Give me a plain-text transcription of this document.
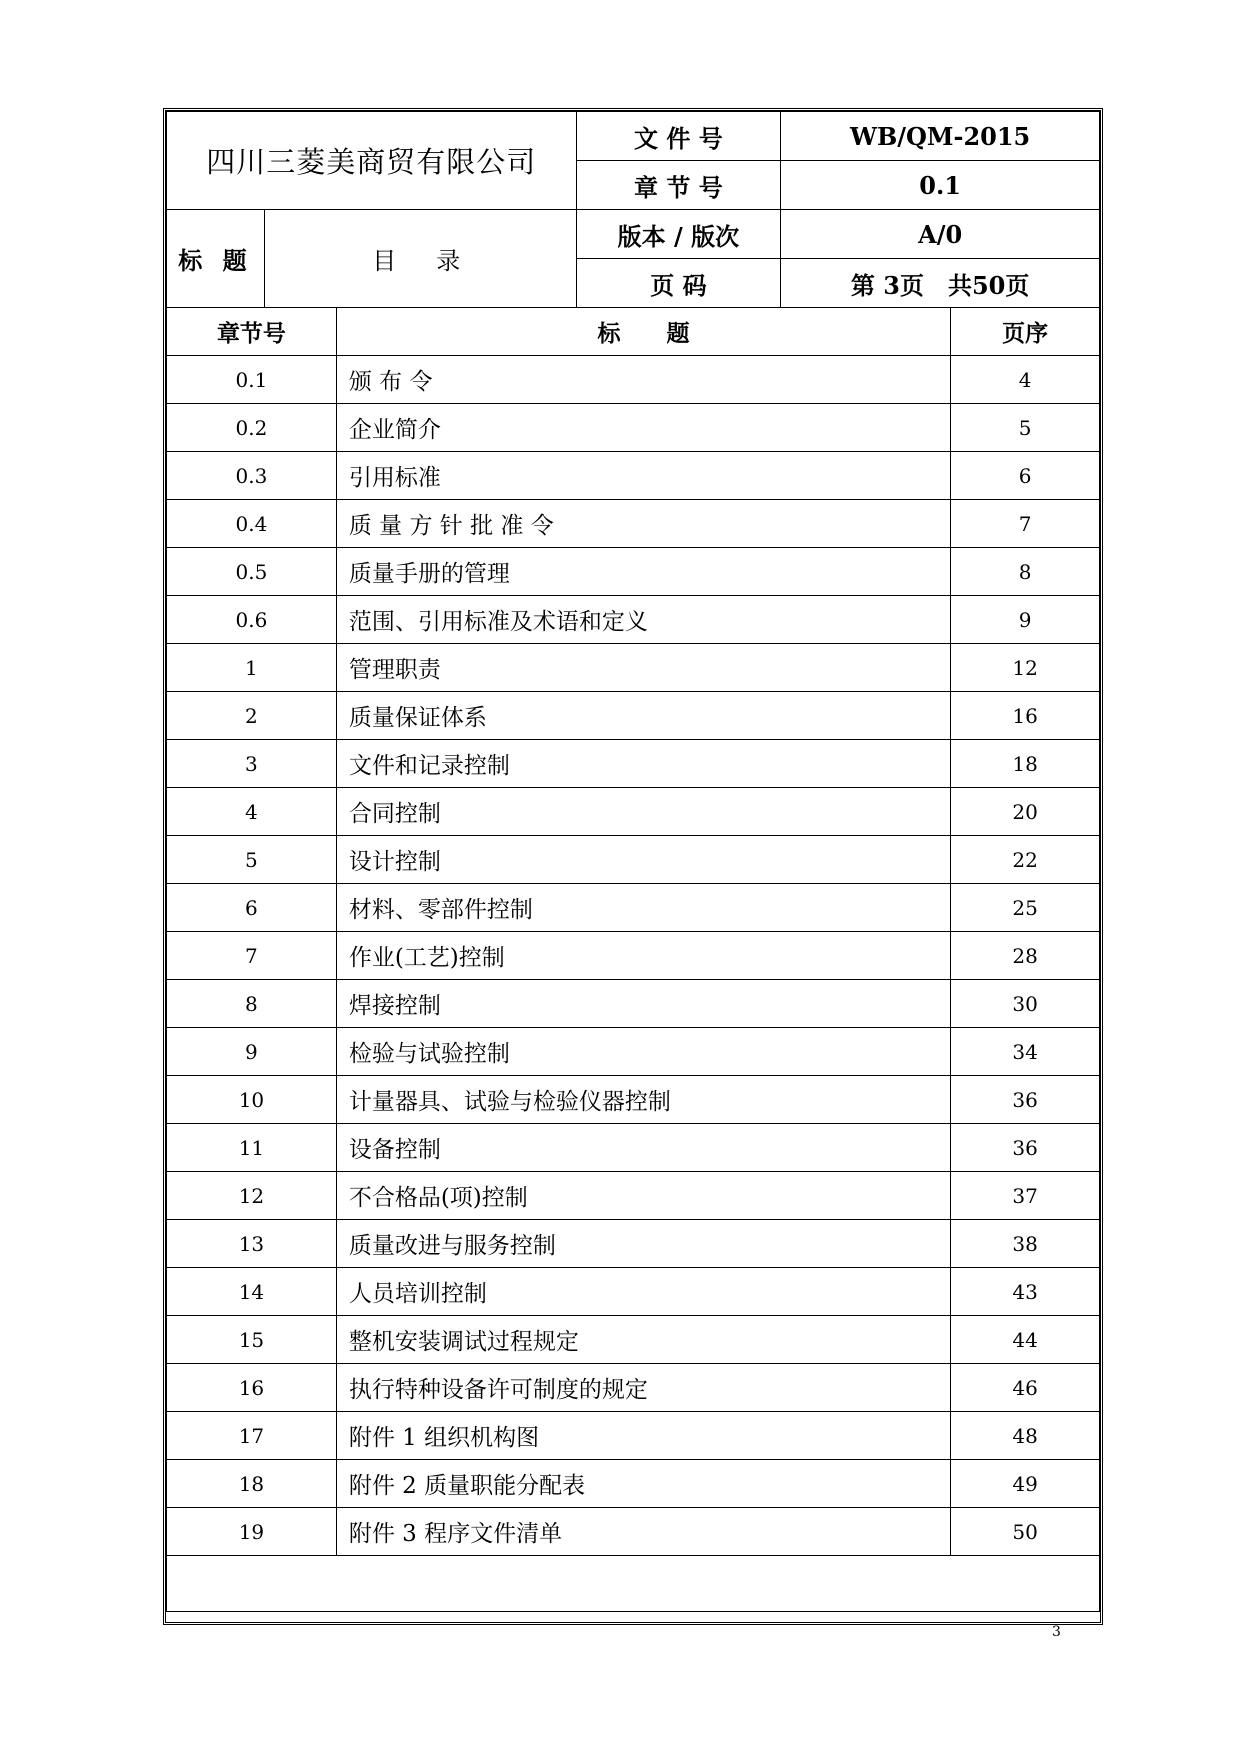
四川三菱美商贸有限公司		文 件 号	WB/QM-2015
		章 节 号	0.1
标 题	目　录	版本 / 版次	A/0
		页 码	第 3页　共50页
章节号	标　　题	页序
0.1	颁 布 令	4
0.2	企业简介	5
0.3	引用标准	6
0.4	质 量 方 针 批 准 令	7
0.5	质量手册的管理	8
0.6	范围、引用标准及术语和定义	9
1	管理职责	12
2	质量保证体系	16
3	文件和记录控制	18
4	合同控制	20
5	设计控制	22
6	材料、零部件控制	25
7	作业(工艺)控制	28
8	焊接控制	30
9	检验与试验控制	34
10	计量器具、试验与检验仪器控制	36
11	设备控制	36
12	不合格品(项)控制	37
13	质量改进与服务控制	38
14	人员培训控制	43
15	整机安装调试过程规定	44
16	执行特种设备许可制度的规定	46
17	附件 1 组织机构图	48
18	附件 2 质量职能分配表	49
19	附件 3 程序文件清单	50

3
